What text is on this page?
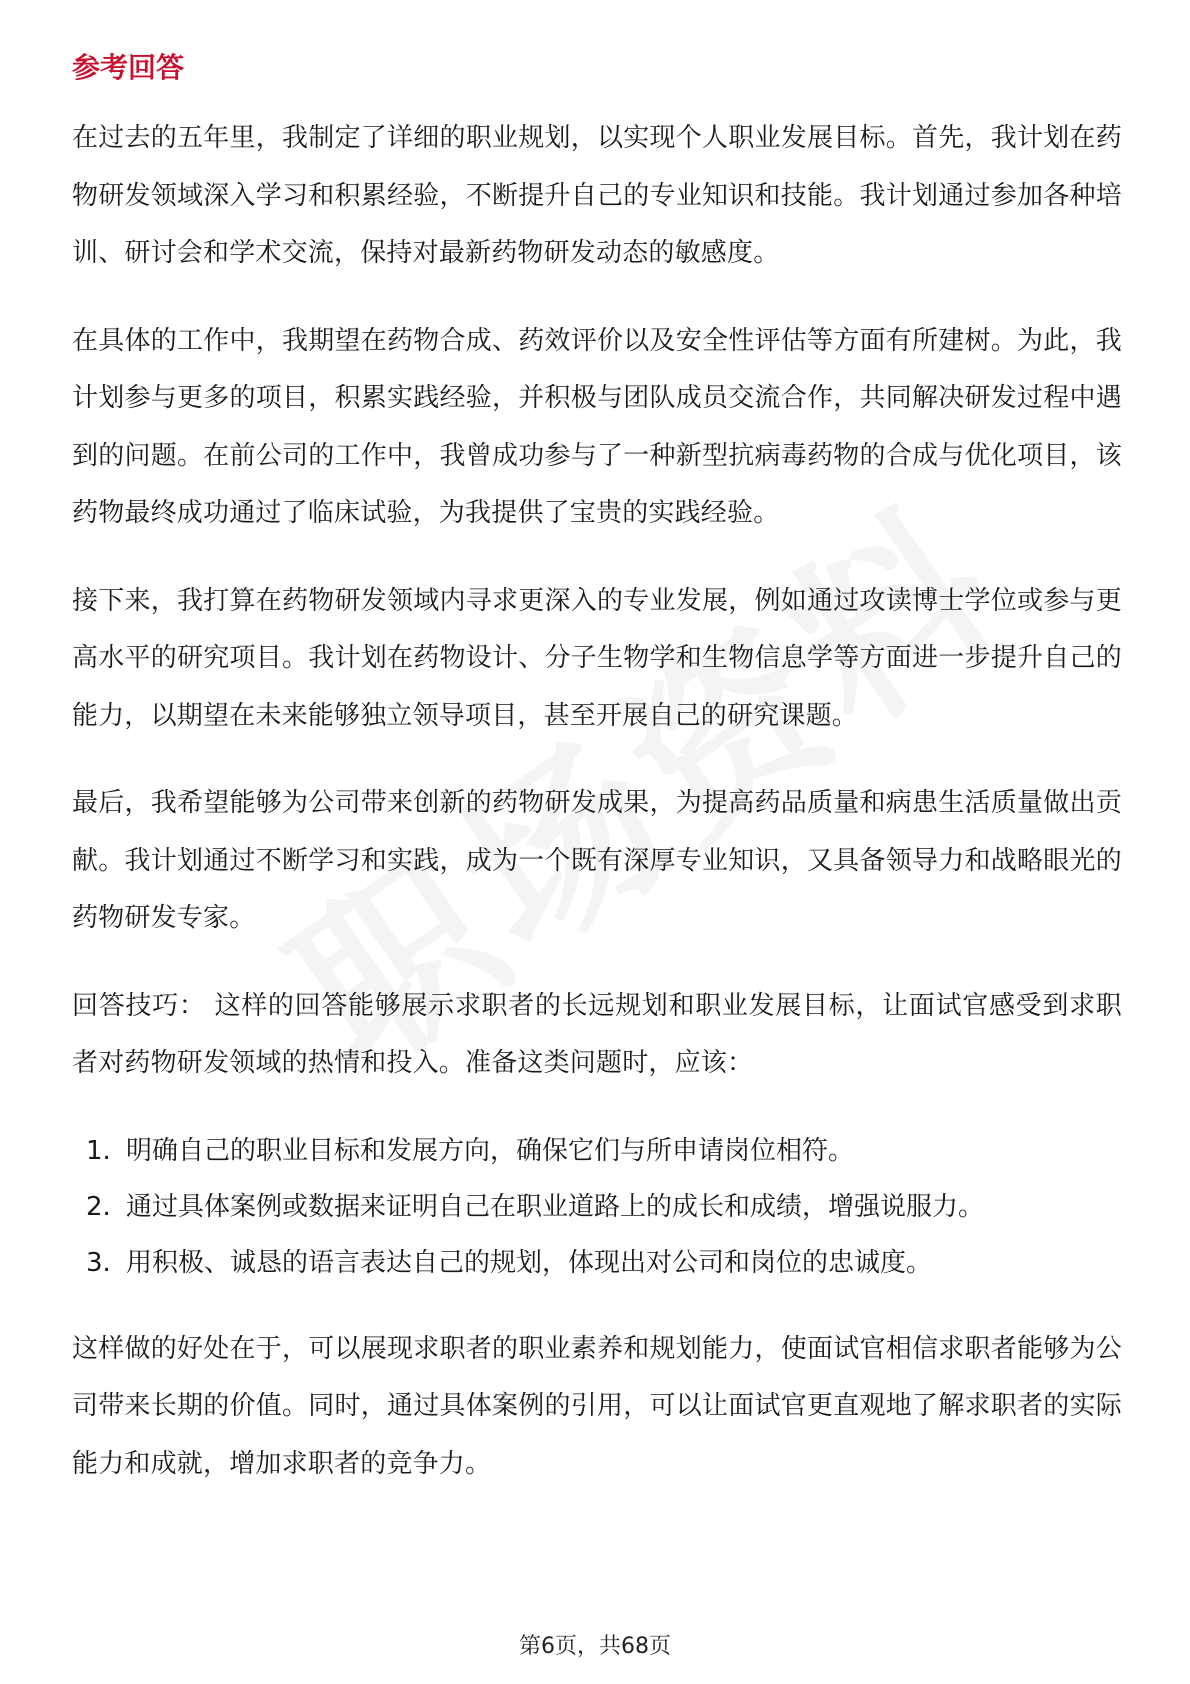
参考回答

在过去的五年里，我制定了详细的职业规划，以实现个人职业发展目标。首先，我计划在药物研发领域深入学习和积累经验，不断提升自己的专业知识和技能。我计划通过参加各种培训、研讨会和学术交流，保持对最新药物研发动态的敏感度。

在具体的工作中，我期望在药物合成、药效评价以及安全性评估等方面有所建树。为此，我计划参与更多的项目，积累实践经验，并积极与团队成员交流合作，共同解决研发过程中遇到的问题。在前公司的工作中，我曾成功参与了一种新型抗病毒药物的合成与优化项目，该药物最终成功通过了临床试验，为我提供了宝贵的实践经验。

接下来，我打算在药物研发领域内寻求更深入的专业发展，例如通过攻读博士学位或参与更高水平的研究项目。我计划在药物设计、分子生物学和生物信息学等方面进一步提升自己的能力，以期望在未来能够独立领导项目，甚至开展自己的研究课题。

最后，我希望能够为公司带来创新的药物研发成果，为提高药品质量和病患生活质量做出贡献。我计划通过不断学习和实践，成为一个既有深厚专业知识，又具备领导力和战略眼光的药物研发专家。

回答技巧： 这样的回答能够展示求职者的长远规划和职业发展目标，让面试官感受到求职者对药物研发领域的热情和投入。准备这类问题时，应该：

1. 明确自己的职业目标和发展方向，确保它们与所申请岗位相符。
2. 通过具体案例或数据来证明自己在职业道路上的成长和成绩，增强说服力。
3. 用积极、诚恳的语言表达自己的规划，体现出对公司和岗位的忠诚度。

这样做的好处在于，可以展现求职者的职业素养和规划能力，使面试官相信求职者能够为公司带来长期的价值。同时，通过具体案例的引用，可以让面试官更直观地了解求职者的实际能力和成就，增加求职者的竞争力。

第6页，共68页
